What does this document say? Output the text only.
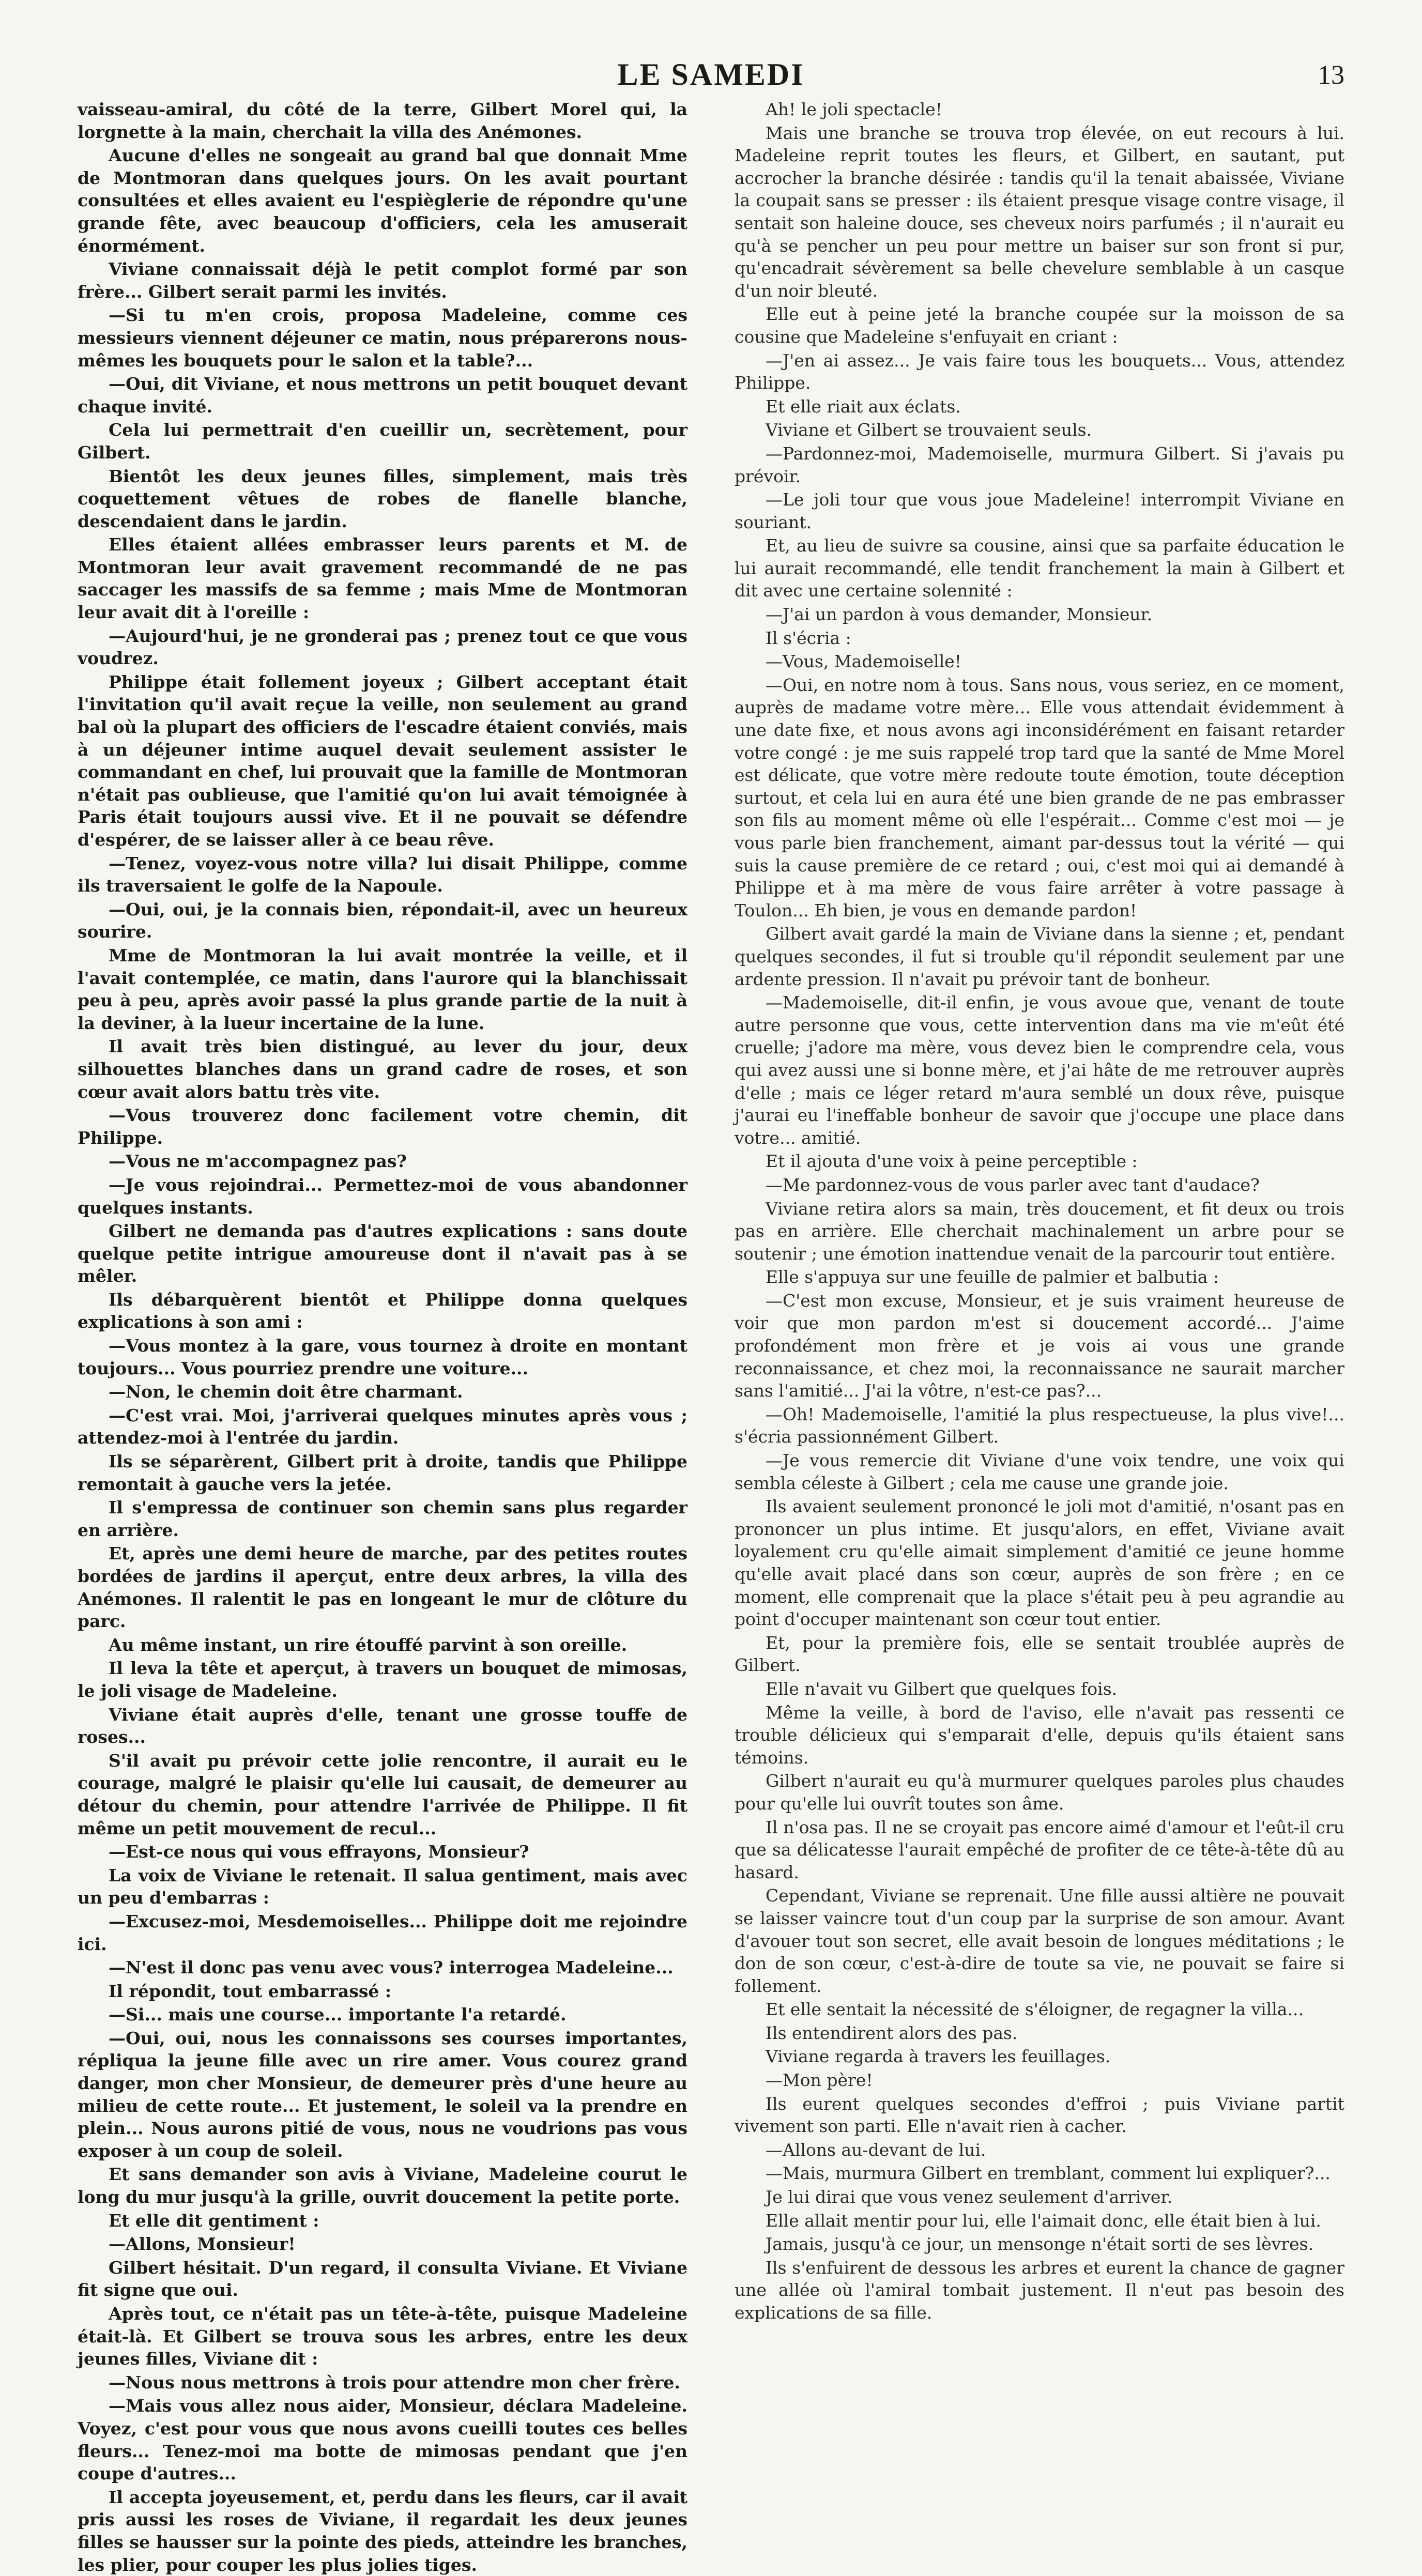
LE SAMEDI	13

vaisseau-amiral, du côté de la terre, Gilbert Morel qui, la lorgnette à la main, cherchait la villa des Anémones.

Aucune d'elles ne songeait au grand bal que donnait Mme de Montmoran dans quelques jours. On les avait pourtant consultées et elles avaient eu l'espièglerie de répondre qu'une grande fête, avec beaucoup d'officiers, cela les amuserait énormément.

Viviane connaissait déjà le petit complot formé par son frère... Gilbert serait parmi les invités.

—Si tu m'en crois, proposa Madeleine, comme ces messieurs viennent déjeuner ce matin, nous préparerons nous-mêmes les bouquets pour le salon et la table?...

—Oui, dit Viviane, et nous mettrons un petit bouquet devant chaque invité.

Cela lui permettrait d'en cueillir un, secrètement, pour Gilbert.

Bientôt les deux jeunes filles, simplement, mais très coquettement vêtues de robes de flanelle blanche, descendaient dans le jardin.

Elles étaient allées embrasser leurs parents et M. de Montmoran leur avait gravement recommandé de ne pas saccager les massifs de sa femme ; mais Mme de Montmoran leur avait dit à l'oreille :

—Aujourd'hui, je ne gronderai pas ; prenez tout ce que vous voudrez.

Philippe était follement joyeux ; Gilbert acceptant était l'invitation qu'il avait reçue la veille, non seulement au grand bal où la plupart des officiers de l'escadre étaient conviés, mais à un déjeuner intime auquel devait seulement assister le commandant en chef, lui prouvait que la famille de Montmoran n'était pas oublieuse, que l'amitié qu'on lui avait témoignée à Paris était toujours aussi vive. Et il ne pouvait se défendre d'espérer, de se laisser aller à ce beau rêve.

—Tenez, voyez-vous notre villa? lui disait Philippe, comme ils traversaient le golfe de la Napoule.

—Oui, oui, je la connais bien, répondait-il, avec un heureux sourire.

Mme de Montmoran la lui avait montrée la veille, et il l'avait contemplée, ce matin, dans l'aurore qui la blanchissait peu à peu, après avoir passé la plus grande partie de la nuit à la deviner, à la lueur incertaine de la lune.

Il avait très bien distingué, au lever du jour, deux silhouettes blanches dans un grand cadre de roses, et son cœur avait alors battu très vite.

—Vous trouverez donc facilement votre chemin, dit Philippe.

—Vous ne m'accompagnez pas?

—Je vous rejoindrai... Permettez-moi de vous abandonner quelques instants.

Gilbert ne demanda pas d'autres explications : sans doute quelque petite intrigue amoureuse dont il n'avait pas à se mêler.

Ils débarquèrent bientôt et Philippe donna quelques explications à son ami :

—Vous montez à la gare, vous tournez à droite en montant toujours... Vous pourriez prendre une voiture...

—Non, le chemin doit être charmant.

—C'est vrai. Moi, j'arriverai quelques minutes après vous ; attendez-moi à l'entrée du jardin.

Ils se séparèrent, Gilbert prit à droite, tandis que Philippe remontait à gauche vers la jetée.

Il s'empressa de continuer son chemin sans plus regarder en arrière.

Et, après une demi heure de marche, par des petites routes bordées de jardins il aperçut, entre deux arbres, la villa des Anémones. Il ralentit le pas en longeant le mur de clôture du parc.

Au même instant, un rire étouffé parvint à son oreille.

Il leva la tête et aperçut, à travers un bouquet de mimosas, le joli visage de Madeleine.

Viviane était auprès d'elle, tenant une grosse touffe de roses...

S'il avait pu prévoir cette jolie rencontre, il aurait eu le courage, malgré le plaisir qu'elle lui causait, de demeurer au détour du chemin, pour attendre l'arrivée de Philippe. Il fit même un petit mouvement de recul...

—Est-ce nous qui vous effrayons, Monsieur?

La voix de Viviane le retenait. Il salua gentiment, mais avec un peu d'embarras :

—Excusez-moi, Mesdemoiselles... Philippe doit me rejoindre ici.

—N'est il donc pas venu avec vous? interrogea Madeleine...

Il répondit, tout embarrassé :

—Si... mais une course... importante l'a retardé.

—Oui, oui, nous les connaissons ses courses importantes, répliqua la jeune fille avec un rire amer. Vous courez grand danger, mon cher Monsieur, de demeurer près d'une heure au milieu de cette route... Et justement, le soleil va la prendre en plein... Nous aurons pitié de vous, nous ne voudrions pas vous exposer à un coup de soleil.

Et sans demander son avis à Viviane, Madeleine courut le long du mur jusqu'à la grille, ouvrit doucement la petite porte.

Et elle dit gentiment :

—Allons, Monsieur!

Gilbert hésitait. D'un regard, il consulta Viviane. Et Viviane fit signe que oui.

Après tout, ce n'était pas un tête-à-tête, puisque Madeleine était-là. Et Gilbert se trouva sous les arbres, entre les deux jeunes filles, Viviane dit :

—Nous nous mettrons à trois pour attendre mon cher frère.

—Mais vous allez nous aider, Monsieur, déclara Madeleine. Voyez, c'est pour vous que nous avons cueilli toutes ces belles fleurs... Tenez-moi ma botte de mimosas pendant que j'en coupe d'autres...

Il accepta joyeusement, et, perdu dans les fleurs, car il avait pris aussi les roses de Viviane, il regardait les deux jeunes filles se hausser sur la pointe des pieds, atteindre les branches, les plier, pour couper les plus jolies tiges.

Ah! le joli spectacle!

Mais une branche se trouva trop élevée, on eut recours à lui. Madeleine reprit toutes les fleurs, et Gilbert, en sautant, put accrocher la branche désirée : tandis qu'il la tenait abaissée, Viviane la coupait sans se presser : ils étaient presque visage contre visage, il sentait son haleine douce, ses cheveux noirs parfumés ; il n'aurait eu qu'à se pencher un peu pour mettre un baiser sur son front si pur, qu'encadrait sévèrement sa belle chevelure semblable à un casque d'un noir bleuté.

Elle eut à peine jeté la branche coupée sur la moisson de sa cousine que Madeleine s'enfuyait en criant :

—J'en ai assez... Je vais faire tous les bouquets... Vous, attendez Philippe.

Et elle riait aux éclats.

Viviane et Gilbert se trouvaient seuls.

—Pardonnez-moi, Mademoiselle, murmura Gilbert. Si j'avais pu prévoir.

—Le joli tour que vous joue Madeleine! interrompit Viviane en souriant.

Et, au lieu de suivre sa cousine, ainsi que sa parfaite éducation le lui aurait recommandé, elle tendit franchement la main à Gilbert et dit avec une certaine solennité :

—J'ai un pardon à vous demander, Monsieur.

Il s'écria :

—Vous, Mademoiselle!

—Oui, en notre nom à tous. Sans nous, vous seriez, en ce moment, auprès de madame votre mère... Elle vous attendait évidemment à une date fixe, et nous avons agi inconsidérément en faisant retarder votre congé : je me suis rappelé trop tard que la santé de Mme Morel est délicate, que votre mère redoute toute émotion, toute déception surtout, et cela lui en aura été une bien grande de ne pas embrasser son fils au moment même où elle l'espérait... Comme c'est moi — je vous parle bien franchement, aimant par-dessus tout la vérité — qui suis la cause première de ce retard ; oui, c'est moi qui ai demandé à Philippe et à ma mère de vous faire arrêter à votre passage à Toulon... Eh bien, je vous en demande pardon!

Gilbert avait gardé la main de Viviane dans la sienne ; et, pendant quelques secondes, il fut si trouble qu'il répondit seulement par une ardente pression. Il n'avait pu prévoir tant de bonheur.

—Mademoiselle, dit-il enfin, je vous avoue que, venant de toute autre personne que vous, cette intervention dans ma vie m'eût été cruelle; j'adore ma mère, vous devez bien le comprendre cela, vous qui avez aussi une si bonne mère, et j'ai hâte de me retrouver auprès d'elle ; mais ce léger retard m'aura semblé un doux rêve, puisque j'aurai eu l'ineffable bonheur de savoir que j'occupe une place dans votre... amitié.

Et il ajouta d'une voix à peine perceptible :

—Me pardonnez-vous de vous parler avec tant d'audace?

Viviane retira alors sa main, très doucement, et fit deux ou trois pas en arrière. Elle cherchait machinalement un arbre pour se soutenir ; une émotion inattendue venait de la parcourir tout entière.

Elle s'appuya sur une feuille de palmier et balbutia :

—C'est mon excuse, Monsieur, et je suis vraiment heureuse de voir que mon pardon m'est si doucement accordé... J'aime profondément mon frère et je vois ai vous une grande reconnaissance, et chez moi, la reconnaissance ne saurait marcher sans l'amitié... J'ai la vôtre, n'est-ce pas?...

—Oh! Mademoiselle, l'amitié la plus respectueuse, la plus vive!... s'écria passionnément Gilbert.

—Je vous remercie dit Viviane d'une voix tendre, une voix qui sembla céleste à Gilbert ; cela me cause une grande joie.

Ils avaient seulement prononcé le joli mot d'amitié, n'osant pas en prononcer un plus intime. Et jusqu'alors, en effet, Viviane avait loyalement cru qu'elle aimait simplement d'amitié ce jeune homme qu'elle avait placé dans son cœur, auprès de son frère ; en ce moment, elle comprenait que la place s'était peu à peu agrandie au point d'occuper maintenant son cœur tout entier.

Et, pour la première fois, elle se sentait troublée auprès de Gilbert.

Elle n'avait vu Gilbert que quelques fois.

Même la veille, à bord de l'aviso, elle n'avait pas ressenti ce trouble délicieux qui s'emparait d'elle, depuis qu'ils étaient sans témoins.

Gilbert n'aurait eu qu'à murmurer quelques paroles plus chaudes pour qu'elle lui ouvrît toutes son âme.

Il n'osa pas. Il ne se croyait pas encore aimé d'amour et l'eût-il cru que sa délicatesse l'aurait empêché de profiter de ce tête-à-tête dû au hasard.

Cependant, Viviane se reprenait. Une fille aussi altière ne pouvait se laisser vaincre tout d'un coup par la surprise de son amour. Avant d'avouer tout son secret, elle avait besoin de longues méditations ; le don de son cœur, c'est-à-dire de toute sa vie, ne pouvait se faire si follement.

Et elle sentait la nécessité de s'éloigner, de regagner la villa...

Ils entendirent alors des pas.

Viviane regarda à travers les feuillages.

—Mon père!

Ils eurent quelques secondes d'effroi ; puis Viviane partit vivement son parti. Elle n'avait rien à cacher.

—Allons au-devant de lui.

—Mais, murmura Gilbert en tremblant, comment lui expliquer?...

Je lui dirai que vous venez seulement d'arriver.

Elle allait mentir pour lui, elle l'aimait donc, elle était bien à lui.

Jamais, jusqu'à ce jour, un mensonge n'était sorti de ses lèvres.

Ils s'enfuirent de dessous les arbres et eurent la chance de gagner une allée où l'amiral tombait justement. Il n'eut pas besoin des explications de sa fille.
